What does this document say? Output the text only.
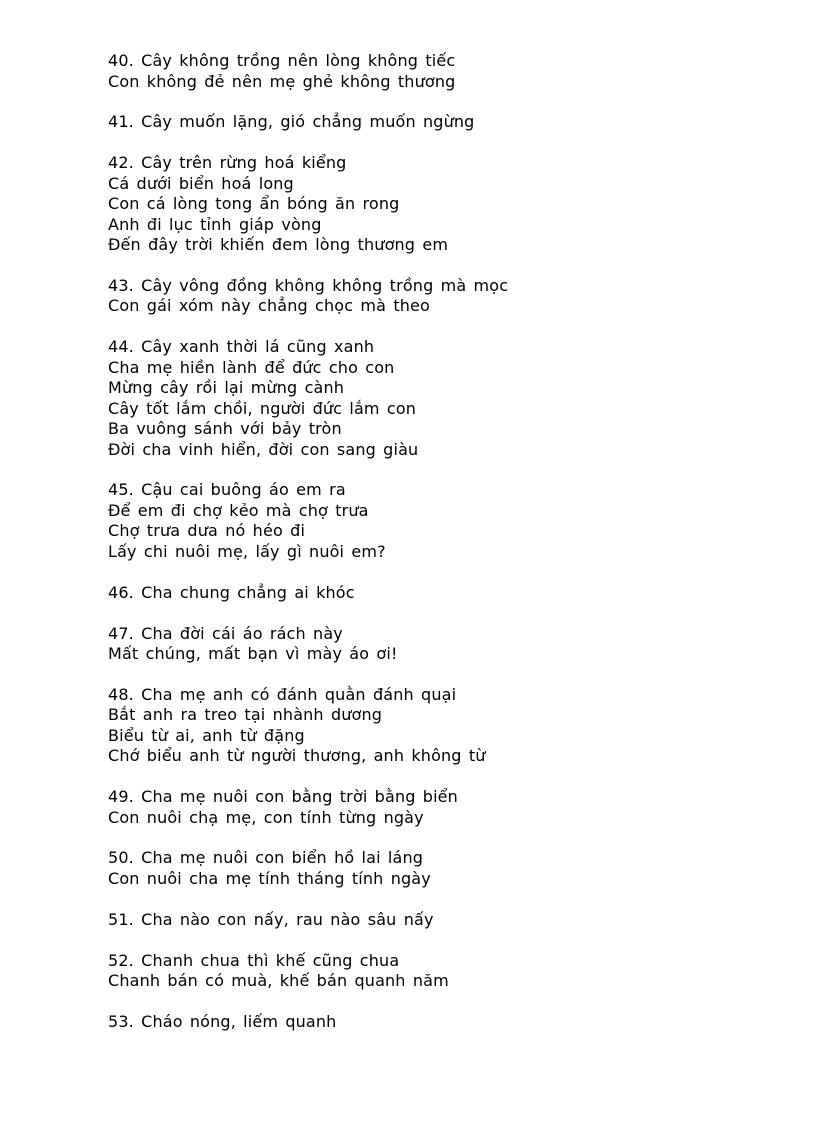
40. Cây không trồng nên lòng không tiếc
Con không đẻ nên mẹ ghẻ không thương
41. Cây muốn lặng, gió chẳng muốn ngừng
42. Cây trên rừng hoá kiểng
Cá dưới biển hoá long
Con cá lòng tong ẩn bóng ăn rong
Anh đi lục tỉnh giáp vòng
Đến đây trời khiến đem lòng thương em
43. Cây vông đồng không không trồng mà mọc
Con gái xóm này chẳng chọc mà theo
44. Cây xanh thời lá cũng xanh
Cha mẹ hiền lành để đức cho con
Mừng cây rồi lại mừng cành
Cây tốt lắm chồi, người đức lắm con
Ba vuông sánh với bảy tròn
Đời cha vinh hiển, đời con sang giàu
45. Cậu cai buông áo em ra
Để em đi chợ kẻo mà chợ trưa
Chợ trưa dưa nó héo đi
Lấy chi nuôi mẹ, lấy gì nuôi em?
46. Cha chung chẳng ai khóc
47. Cha đời cái áo rách này
Mất chúng, mất bạn vì mày áo ơi!
48. Cha mẹ anh có đánh quằn đánh quại
Bắt anh ra treo tại nhành dương
Biểu từ ai, anh từ đặng
Chớ biểu anh từ người thương, anh không từ
49. Cha mẹ nuôi con bằng trời bằng biển
Con nuôi chạ mẹ, con tính từng ngày
50. Cha mẹ nuôi con biển hồ lai láng
Con nuôi cha mẹ tính tháng tính ngày
51. Cha nào con nấy, rau nào sâu nấy
52. Chanh chua thì khế cũng chua
Chanh bán có muà, khế bán quanh năm
53. Cháo nóng, liếm quanh
